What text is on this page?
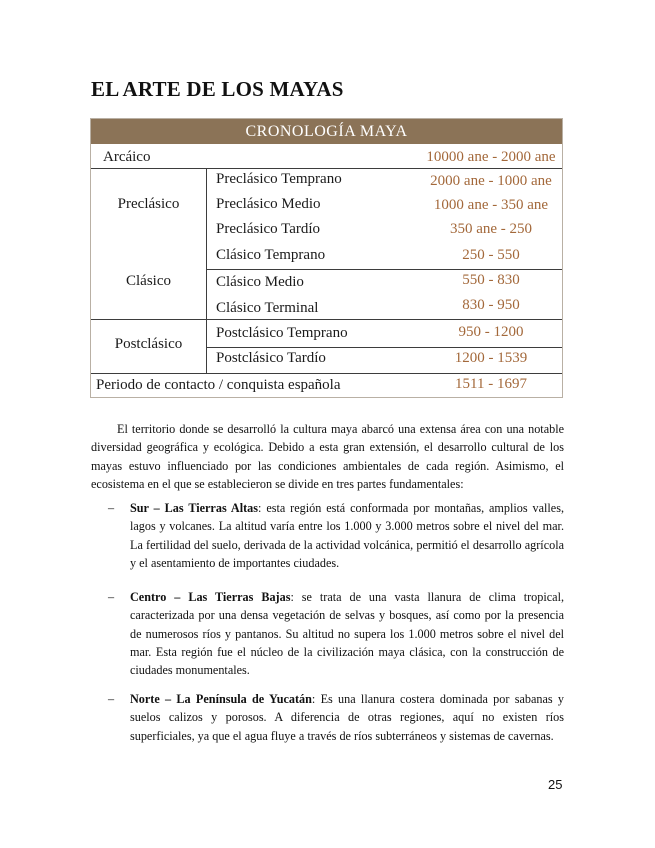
EL ARTE DE LOS MAYAS
CRONOLOGÍA MAYA
Arcáico	10000 ane - 2000 ane
Preclásico
Preclásico Temprano	2000 ane - 1000 ane
Preclásico Medio	1000 ane - 350 ane
Preclásico Tardío	350 ane - 250
Clásico
Clásico Temprano	250 - 550
Clásico Medio	550 - 830
Clásico Terminal	830 - 950
Postclásico
Postclásico Temprano	950 - 1200
Postclásico Tardío	1200 - 1539
Periodo de contacto / conquista española	1511 - 1697

El territorio donde se desarrolló la cultura maya abarcó una extensa área con una notable diversidad geográfica y ecológica. Debido a esta gran extensión, el desarrollo cultural de los mayas estuvo influenciado por las condiciones ambientales de cada región. Asimismo, el ecosistema en el que se establecieron se divide en tres partes fundamentales:

– Sur – Las Tierras Altas: esta región está conformada por montañas, amplios valles, lagos y volcanes. La altitud varía entre los 1.000 y 3.000 metros sobre el nivel del mar. La fertilidad del suelo, derivada de la actividad volcánica, permitió el desarrollo agrícola y el asentamiento de importantes ciudades.

– Centro – Las Tierras Bajas: se trata de una vasta llanura de clima tropical, caracterizada por una densa vegetación de selvas y bosques, así como por la presencia de numerosos ríos y pantanos. Su altitud no supera los 1.000 metros sobre el nivel del mar. Esta región fue el núcleo de la civilización maya clásica, con la construcción de ciudades monumentales.

– Norte – La Península de Yucatán: Es una llanura costera dominada por sabanas y suelos calizos y porosos. A diferencia de otras regiones, aquí no existen ríos superficiales, ya que el agua fluye a través de ríos subterráneos y sistemas de cavernas.

25
